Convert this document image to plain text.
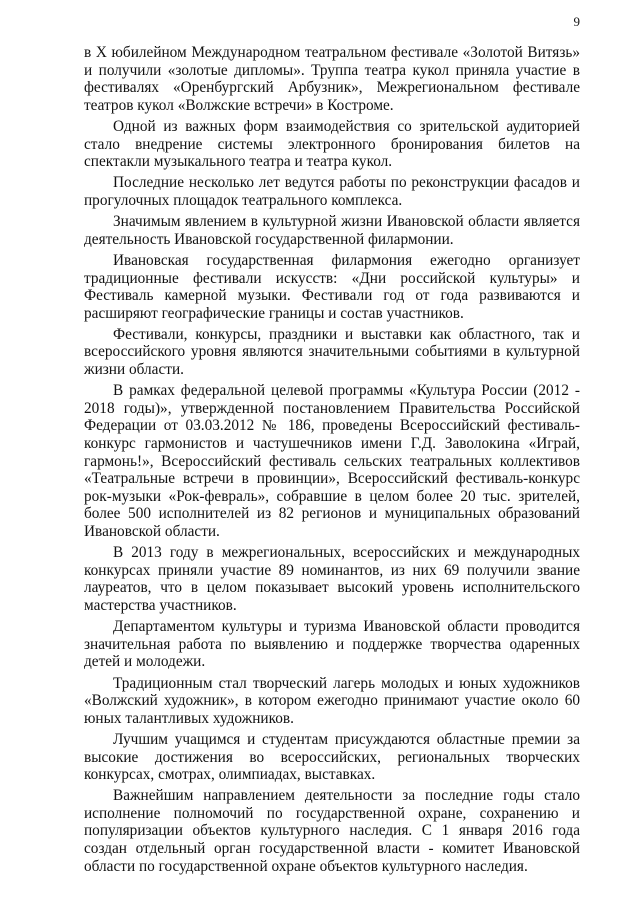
9

в Х юбилейном Международном театральном фестивале «Золотой Витязь» и получили «золотые дипломы». Труппа театра кукол приняла участие в фестивалях «Оренбургский Арбузник», Межрегиональном фестивале театров кукол «Волжские встречи» в Костроме.

Одной из важных форм взаимодействия со зрительской аудиторией стало внедрение системы электронного бронирования билетов на спектакли музыкального театра и театра кукол.

Последние несколько лет ведутся работы по реконструкции фасадов и прогулочных площадок театрального комплекса.

Значимым явлением в культурной жизни Ивановской области является деятельность Ивановской государственной филармонии.

Ивановская государственная филармония ежегодно организует традиционные фестивали искусств: «Дни российской культуры» и Фестиваль камерной музыки. Фестивали год от года развиваются и расширяют географические границы и состав участников.

Фестивали, конкурсы, праздники и выставки как областного, так и всероссийского уровня являются значительными событиями в культурной жизни области.

В рамках федеральной целевой программы «Культура России (2012 - 2018 годы)», утвержденной постановлением Правительства Российской Федерации от 03.03.2012 № 186, проведены Всероссийский фестиваль-конкурс гармонистов и частушечников имени Г.Д. Заволокина «Играй, гармонь!», Всероссийский фестиваль сельских театральных коллективов «Театральные встречи в провинции», Всероссийский фестиваль-конкурс рок-музыки «Рок-февраль», собравшие в целом более 20 тыс. зрителей, более 500 исполнителей из 82 регионов и муниципальных образований Ивановской области.

В 2013 году в межрегиональных, всероссийских и международных конкурсах приняли участие 89 номинантов, из них 69 получили звание лауреатов, что в целом показывает высокий уровень исполнительского мастерства участников.

Департаментом культуры и туризма Ивановской области проводится значительная работа по выявлению и поддержке творчества одаренных детей и молодежи.

Традиционным стал творческий лагерь молодых и юных художников «Волжский художник», в котором ежегодно принимают участие около 60 юных талантливых художников.

Лучшим учащимся и студентам присуждаются областные премии за высокие достижения во всероссийских, региональных творческих конкурсах, смотрах, олимпиадах, выставках.

Важнейшим направлением деятельности за последние годы стало исполнение полномочий по государственной охране, сохранению и популяризации объектов культурного наследия. С 1 января 2016 года создан отдельный орган государственной власти - комитет Ивановской области по государственной охране объектов культурного наследия.
